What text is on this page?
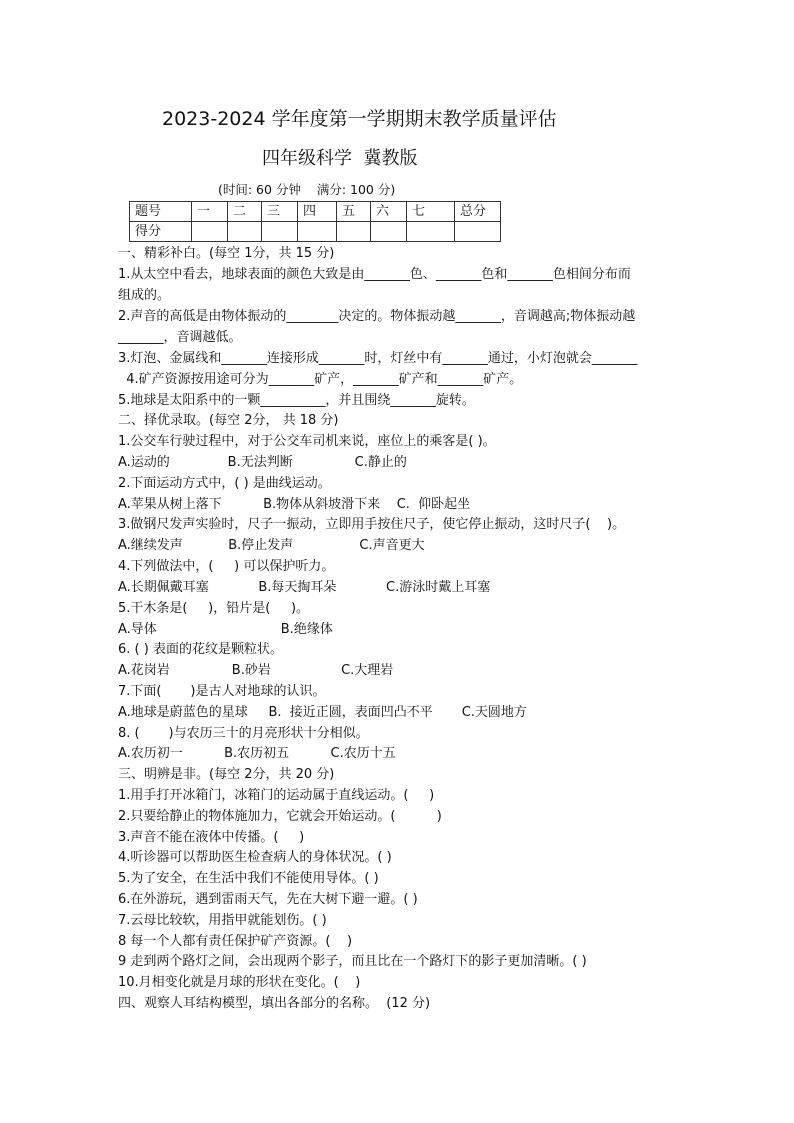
2023-2024 学年度第一学期期末教学质量评估
四年级科学  冀教版
(时间: 60 分钟    满分: 100 分)
题号	一	二	三	四	五	六	七	总分
得分								
一、精彩补白。(每空 1分，共 15 分)
1.从太空中看去，地球表面的颜色大致是由_______色、_______色和_______色相间分布而
组成的。
2.声音的高低是由物体振动的________决定的。物体振动越_______，音调越高;物体振动越
_______，音调越低。
3.灯泡、金属线和_______连接形成_______时，灯丝中有_______通过，小灯泡就会_______
4.矿产资源按用途可分为_______矿产，_______矿产和_______矿产。
5.地球是太阳系中的一颗__________，并且围绕_______旋转。
二、择优录取。(每空 2分， 共 18 分)
1.公交车行驶过程中，对于公交车司机来说，座位上的乘客是( )。
A.运动的              B.无法判断               C.静止的
2.下面运动方式中，( ) 是曲线运动。
A.苹果从树上落下          B.物体从斜坡滑下来    C.  仰卧起坐
3.做钢尺发声实验时，尺子一振动，立即用手按住尺子，使它停止振动，这时尺子(    )。
A.继续发声           B.停止发声                C.声音更大
4.下列做法中，(     ) 可以保护听力。
A.长期佩戴耳塞            B.每天掏耳朵            C.游泳时戴上耳塞
5.干木条是(     )，铅片是(     )。
A.导体                              B.绝缘体
6. ( ) 表面的花纹是颗粒状。
A.花岗岩               B.砂岩                 C.大理岩
7.下面(       )是古人对地球的认识。
A.地球是蔚蓝色的星球     B.  接近正圆，表面凹凸不平       C.天圆地方
8. (       )与农历三十的月亮形状十分相似。
A.农历初一          B.农历初五          C.农历十五
三、明辨是非。(每空 2分，共 20 分)
1.用手打开冰箱门，冰箱门的运动属于直线运动。(     )
2.只要给静止的物体施加力，它就会开始运动。(          )
3.声音不能在液体中传播。(     )
4.听诊器可以帮助医生检查病人的身体状况。( )
5.为了安全，在生活中我们不能使用导体。( )
6.在外游玩，遇到雷雨天气，先在大树下避一避。( )
7.云母比较软，用指甲就能划伤。( )
8 每一个人都有责任保护矿产资源。(    )
9 走到两个路灯之间，会出现两个影子，而且比在一个路灯下的影子更加清晰。( )
10.月相变化就是月球的形状在变化。(    )
四、观察人耳结构模型，填出各部分的名称。  (12 分)
